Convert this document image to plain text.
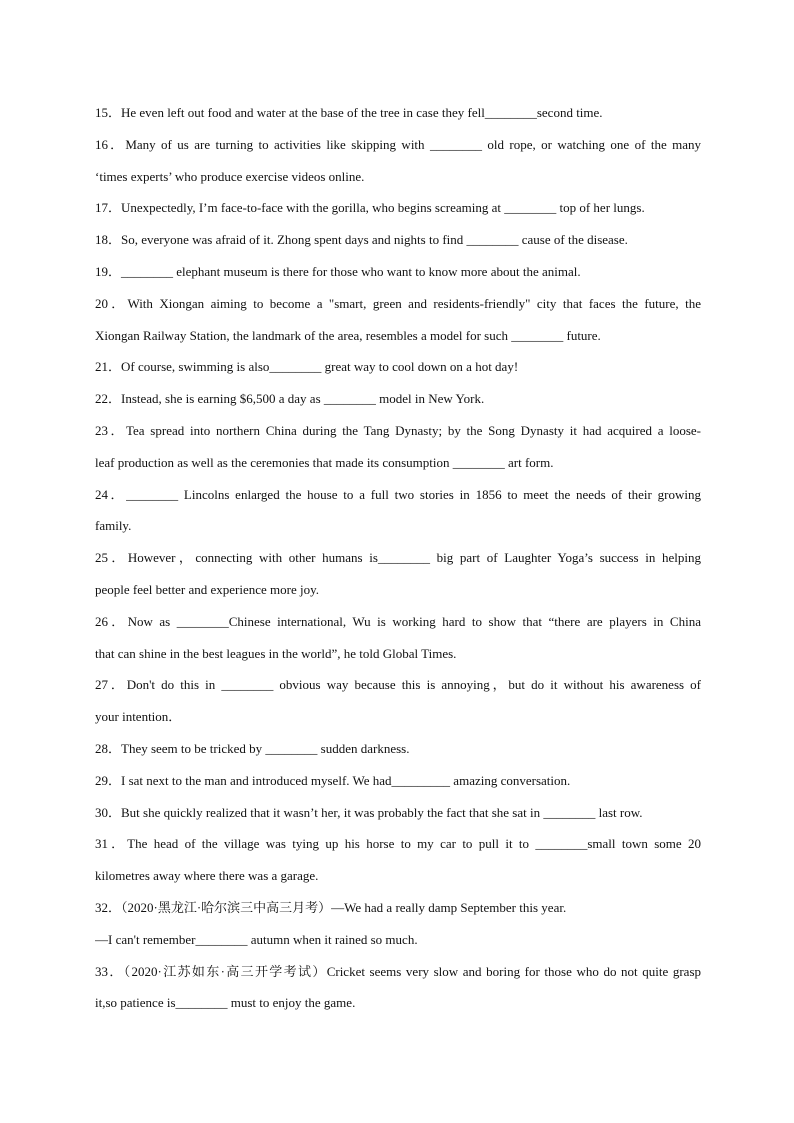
15．He even left out food and water at the base of the tree in case they fell________second time.
16．Many of us are turning to activities like skipping with ________ old rope, or watching one of the many
‘times experts’ who produce exercise videos online.
17．Unexpectedly, I’m face-to-face with the gorilla, who begins screaming at ________ top of her lungs.
18．So, everyone was afraid of it. Zhong spent days and nights to find ________ cause of the disease.
19．________ elephant museum is there for those who want to know more about the animal.
20．With Xiongan aiming to become a "smart, green and residents-friendly" city that faces the future, the
Xiongan Railway Station, the landmark of the area, resembles a model for such ________ future.
21．Of course, swimming is also________ great way to cool down on a hot day!
22．Instead, she is earning $6,500 a day as ________ model in New York.
23．Tea spread into northern China during the Tang Dynasty; by the Song Dynasty it had acquired a loose-
leaf production as well as the ceremonies that made its consumption ________ art form.
24．________ Lincolns enlarged the house to a full two stories in 1856 to meet the needs of their growing
family.
25．However，connecting with other humans is________ big part of Laughter Yoga’s success in helping
people feel better and experience more joy.
26．Now as ________Chinese international, Wu is working hard to show that “there are players in China
that can shine in the best leagues in the world”, he told Global Times.
27．Don't do this in ________ obvious way because this is annoying，but do it without his awareness of
your intention．
28．They seem to be tricked by ________ sudden darkness.
29．I sat next to the man and introduced myself. We had_________ amazing conversation.
30．But she quickly realized that it wasn’t her, it was probably the fact that she sat in ________ last row.
31．The head of the village was tying up his horse to my car to pull it to ________small town some 20
kilometres away where there was a garage.
32．（2020·黑龙江·哈尔滨三中高三月考）—We had a really damp September this year.
—I can't remember________ autumn when it rained so much.
33．（2020·江苏如东·高三开学考试）Cricket seems very slow and boring for those who do not quite grasp
it,so patience is________ must to enjoy the game.
